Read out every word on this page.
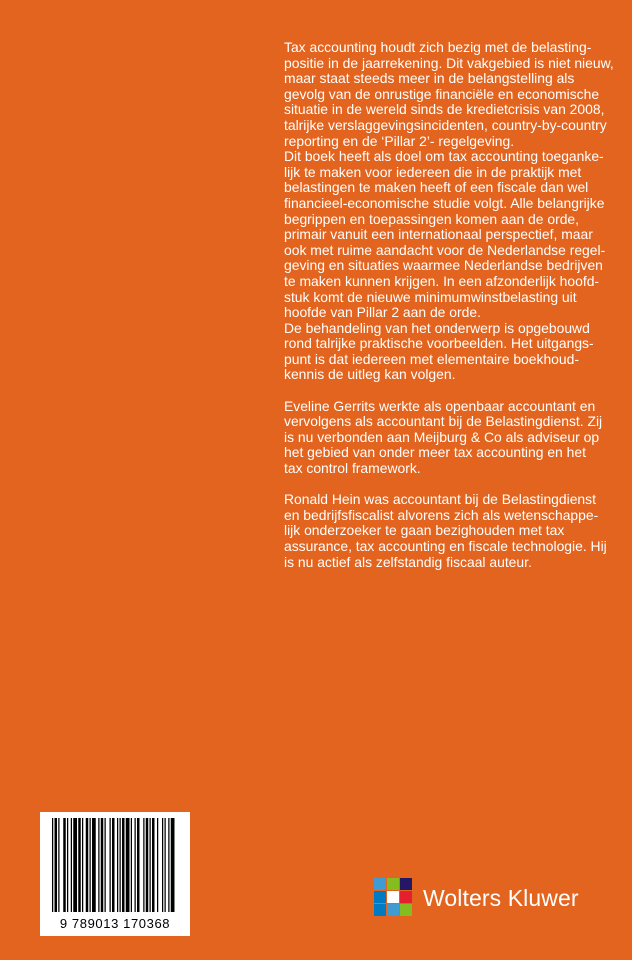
Tax accounting houdt zich bezig met de belasting-
positie in de jaarrekening. Dit vakgebied is niet nieuw,
maar staat steeds meer in de belangstelling als
gevolg van de onrustige financiële en economische
situatie in de wereld sinds de kredietcrisis van 2008,
talrijke verslaggevingsincidenten, country-by-country
reporting en de ‘Pillar 2’- regelgeving.
Dit boek heeft als doel om tax accounting toeganke-
lijk te maken voor iedereen die in de praktijk met
belastingen te maken heeft of een fiscale dan wel
financieel-economische studie volgt. Alle belangrijke
begrippen en toepassingen komen aan de orde,
primair vanuit een internationaal perspectief, maar
ook met ruime aandacht voor de Nederlandse regel-
geving en situaties waarmee Nederlandse bedrijven
te maken kunnen krijgen. In een afzonderlijk hoofd-
stuk komt de nieuwe minimumwinstbelasting uit
hoofde van Pillar 2 aan de orde.
De behandeling van het onderwerp is opgebouwd
rond talrijke praktische voorbeelden. Het uitgangs-
punt is dat iedereen met elementaire boekhoud-
kennis de uitleg kan volgen.
Eveline Gerrits werkte als openbaar accountant en
vervolgens als accountant bij de Belastingdienst. Zij
is nu verbonden aan Meijburg & Co als adviseur op
het gebied van onder meer tax accounting en het
tax control framework.
Ronald Hein was accountant bij de Belastingdienst
en bedrijfsfiscalist alvorens zich als wetenschappe-
lijk onderzoeker te gaan bezighouden met tax
assurance, tax accounting en fiscale technologie. Hij
is nu actief als zelfstandig fiscaal auteur.
9 789013 170368
Wolters Kluwer
